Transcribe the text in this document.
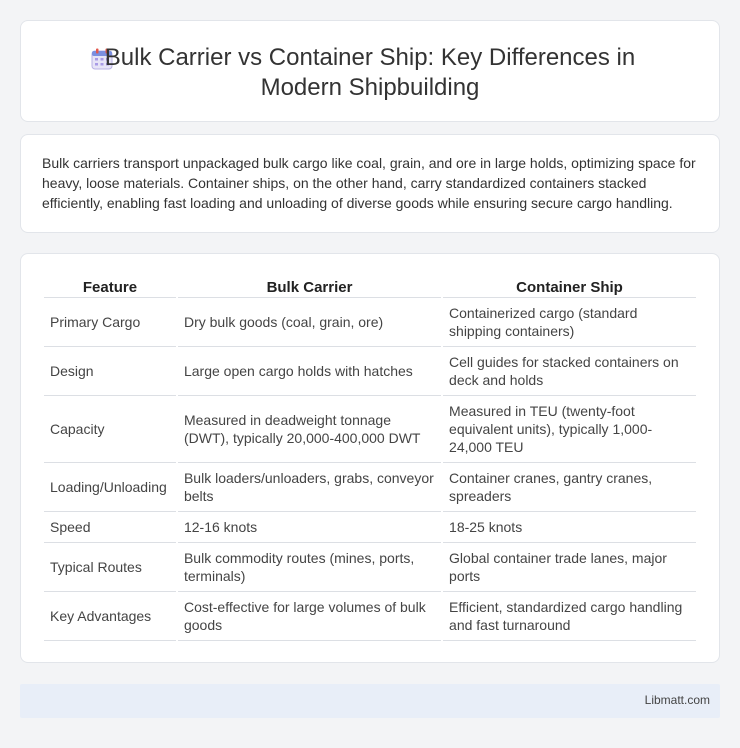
Bulk Carrier vs Container Ship: Key Differences in Modern Shipbuilding

Bulk carriers transport unpackaged bulk cargo like coal, grain, and ore in large holds, optimizing space for heavy, loose materials. Container ships, on the other hand, carry standardized containers stacked efficiently, enabling fast loading and unloading of diverse goods while ensuring secure cargo handling.

Feature	Bulk Carrier	Container Ship
Primary Cargo	Dry bulk goods (coal, grain, ore)	Containerized cargo (standard shipping containers)
Design	Large open cargo holds with hatches	Cell guides for stacked containers on deck and holds
Capacity	Measured in deadweight tonnage (DWT), typically 20,000-400,000 DWT	Measured in TEU (twenty-foot equivalent units), typically 1,000-24,000 TEU
Loading/Unloading	Bulk loaders/unloaders, grabs, conveyor belts	Container cranes, gantry cranes, spreaders
Speed	12-16 knots	18-25 knots
Typical Routes	Bulk commodity routes (mines, ports, terminals)	Global container trade lanes, major ports
Key Advantages	Cost-effective for large volumes of bulk goods	Efficient, standardized cargo handling and fast turnaround
Libmatt.com
